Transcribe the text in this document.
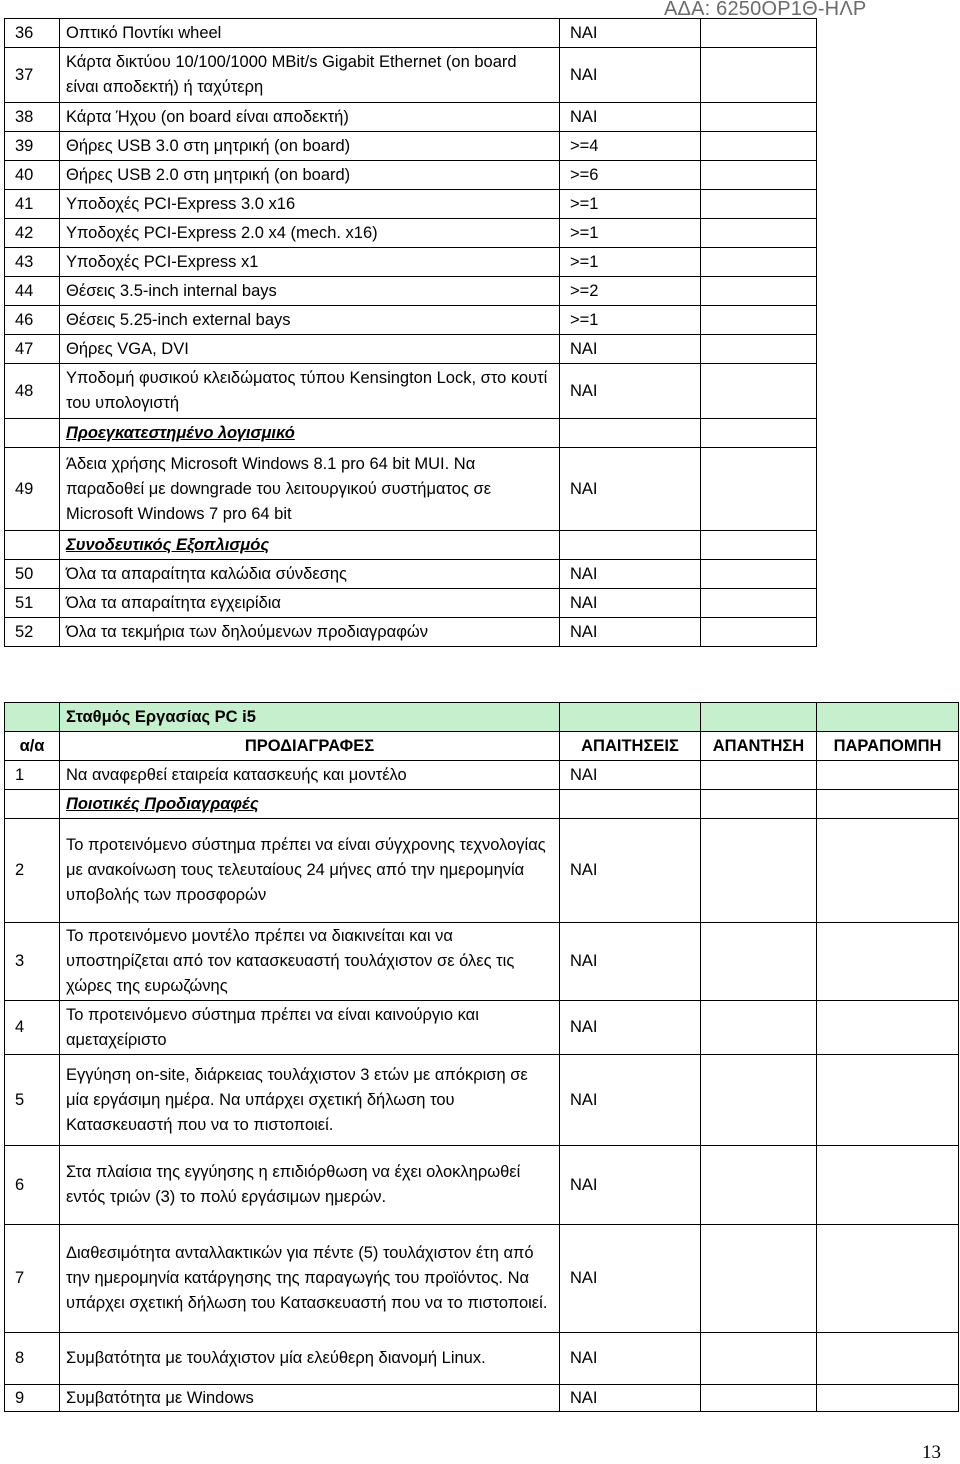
ΑΔΑ: 6250ΟΡ1Θ-ΗΛΡ
36	Οπτικό Ποντίκι wheel	ΝΑΙ	
37	Κάρτα δικτύου 10/100/1000 MBit/s Gigabit Ethernet (on board είναι αποδεκτή) ή ταχύτερη	ΝΑΙ	
38	Κάρτα Ήχου (on board είναι αποδεκτή)	ΝΑΙ	
39	Θήρες USB 3.0 στη μητρική (on board)	>=4	
40	Θήρες USB 2.0 στη μητρική (on board)	>=6	
41	Υποδοχές PCI-Express 3.0 x16	>=1	
42	Υποδοχές PCI-Express 2.0 x4 (mech. x16)	>=1	
43	Υποδοχές PCI-Express x1	>=1	
44	Θέσεις 3.5-inch internal bays	>=2	
46	Θέσεις 5.25-inch external bays	>=1	
47	Θήρες VGA, DVI	ΝΑΙ	
48	Υποδομή φυσικού κλειδώματος τύπου Kensington Lock, στο κουτί του υπολογιστή	ΝΑΙ	
	Προεγκατεστημένο λογισμικό		
49	Άδεια χρήσης Microsoft Windows 8.1 pro 64 bit MUI. Να παραδοθεί με downgrade του λειτουργικού συστήματος σε Microsoft Windows 7 pro 64 bit	ΝΑΙ	
	Συνοδευτικός Εξοπλισμός		
50	Όλα τα απαραίτητα καλώδια σύνδεσης	ΝΑΙ	
51	Όλα τα απαραίτητα εγχειρίδια	ΝΑΙ	
52	Όλα τα τεκμήρια των δηλούμενων προδιαγραφών	ΝΑΙ	
	Σταθμός Εργασίας PC i5			
α/α	ΠΡΟΔΙΑΓΡΑΦΕΣ	ΑΠΑΙΤΗΣΕΙΣ	ΑΠΑΝΤΗΣΗ	ΠΑΡΑΠΟΜΠΗ
1	Να αναφερθεί εταιρεία κατασκευής και μοντέλο	ΝΑΙ		
	Ποιοτικές Προδιαγραφές			
2	Το προτεινόμενο σύστημα πρέπει να είναι σύγχρονης τεχνολογίας με ανακοίνωση τους τελευταίους 24 μήνες από την ημερομηνία υποβολής των προσφορών	ΝΑΙ		
3	Το προτεινόμενο μοντέλο πρέπει να διακινείται και να υποστηρίζεται από τον κατασκευαστή τουλάχιστον σε όλες τις χώρες της ευρωζώνης	ΝΑΙ		
4	Το προτεινόμενο σύστημα πρέπει να είναι καινούργιο και αμεταχείριστο	ΝΑΙ		
5	Εγγύηση on-site, διάρκειας τουλάχιστον 3 ετών με απόκριση σε μία εργάσιμη ημέρα. Να υπάρχει σχετική δήλωση του Κατασκευαστή που να το πιστοποιεί.	ΝΑΙ		
6	Στα πλαίσια της εγγύησης η επιδιόρθωση να έχει ολοκληρωθεί εντός τριών (3) το πολύ εργάσιμων ημερών.	ΝΑΙ		
7	Διαθεσιμότητα ανταλλακτικών για πέντε (5) τουλάχιστον έτη από την ημερομηνία κατάργησης της παραγωγής του προϊόντος. Να υπάρχει σχετική δήλωση του Κατασκευαστή που να το πιστοποιεί.	ΝΑΙ		
8	Συμβατότητα με τουλάχιστον μία ελεύθερη διανομή Linux.	ΝΑΙ		
9	Συμβατότητα με Windows	ΝΑΙ		
13
